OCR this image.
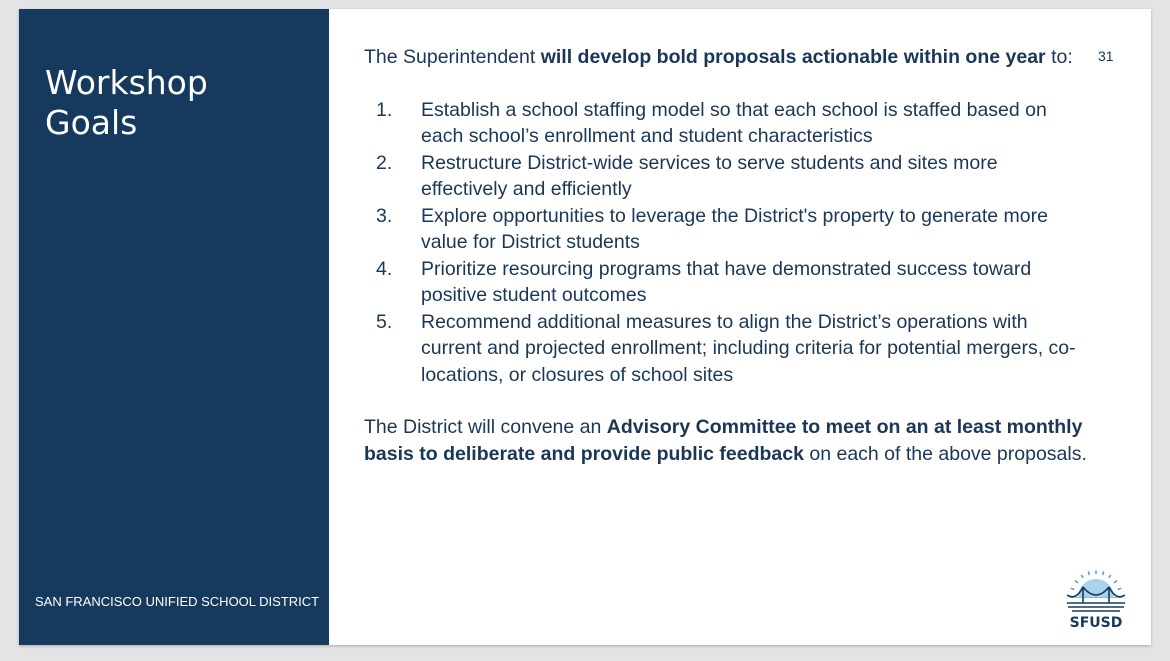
Workshop Goals
SAN FRANCISCO UNIFIED SCHOOL DISTRICT
31

The Superintendent will develop bold proposals actionable within one year to:

1. Establish a school staffing model so that each school is staffed based on each school’s enrollment and student characteristics
2. Restructure District-wide services to serve students and sites more effectively and efficiently
3. Explore opportunities to leverage the District's property to generate more value for District students
4. Prioritize resourcing programs that have demonstrated success toward positive student outcomes
5. Recommend additional measures to align the District’s operations with current and projected enrollment; including criteria for potential mergers, co-locations, or closures of school sites

The District will convene an Advisory Committee to meet on an at least monthly basis to deliberate and provide public feedback on each of the above proposals.

SFUSD
